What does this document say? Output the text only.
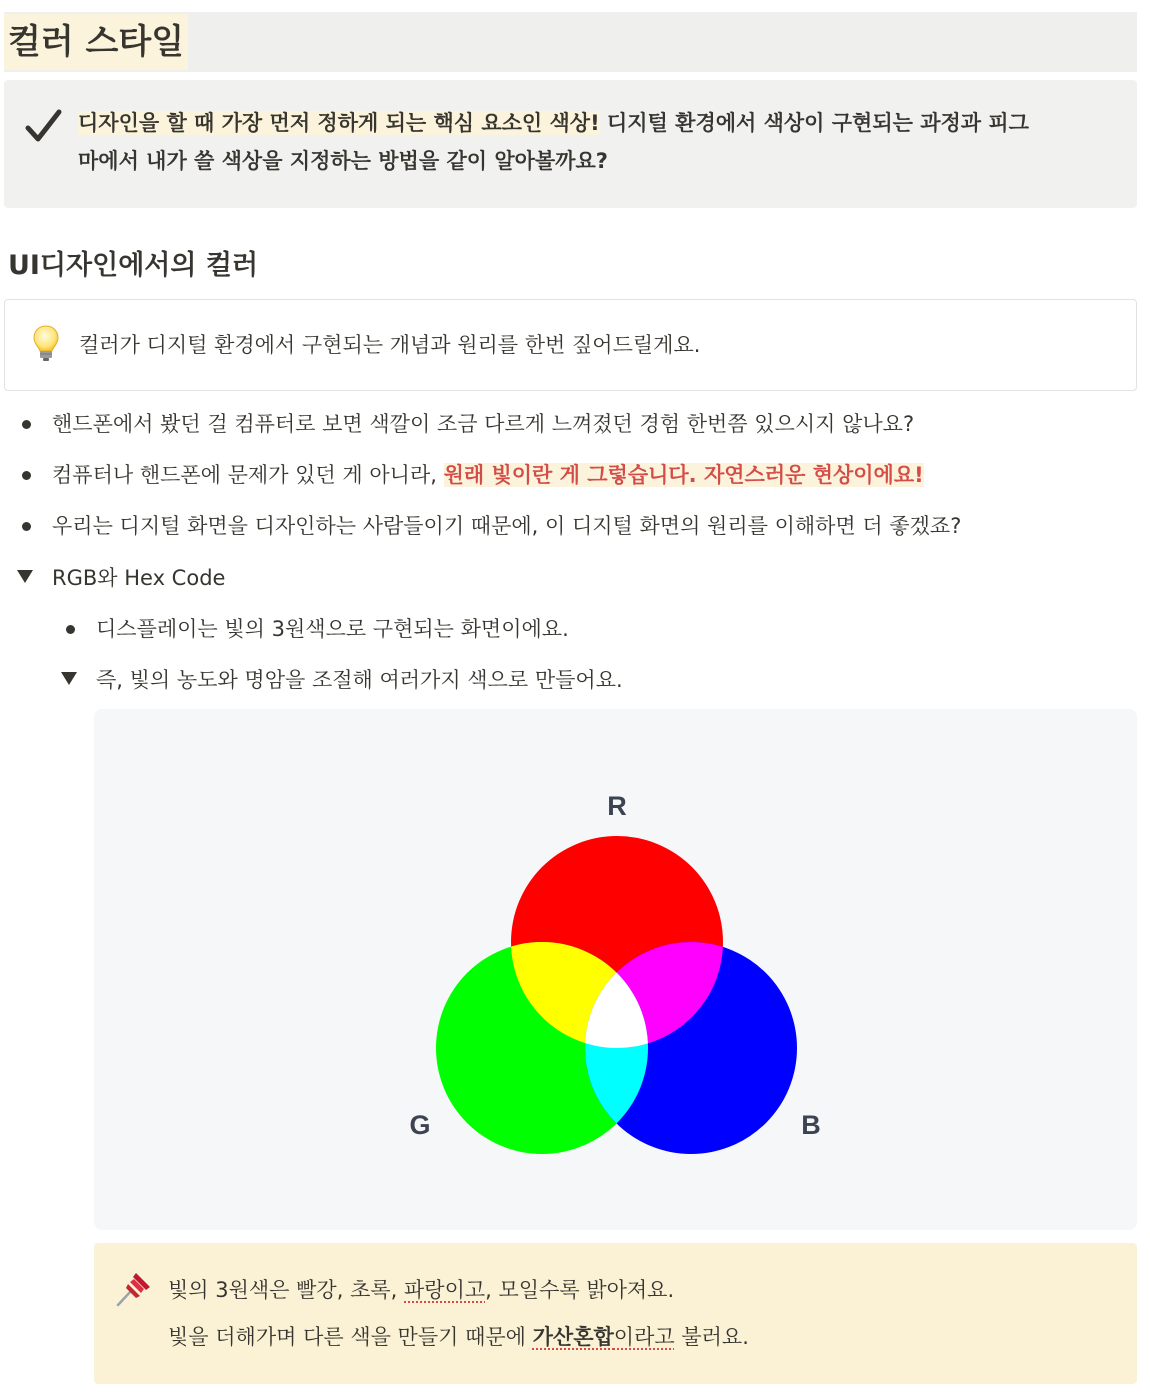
컬러 스타일
디자인을 할 때 가장 먼저 정하게 되는 핵심 요소인 색상! 디지털 환경에서 색상이 구현되는 과정과 피그
마에서 내가 쓸 색상을 지정하는 방법을 같이 알아볼까요?
UI디자인에서의 컬러
컬러가 디지털 환경에서 구현되는 개념과 원리를 한번 짚어드릴게요.
핸드폰에서 봤던 걸 컴퓨터로 보면 색깔이 조금 다르게 느껴졌던 경험 한번쯤 있으시지 않나요?
컴퓨터나 핸드폰에 문제가 있던 게 아니라, 원래 빛이란 게 그렇습니다. 자연스러운 현상이에요!
우리는 디지털 화면을 디자인하는 사람들이기 때문에, 이 디지털 화면의 원리를 이해하면 더 좋겠죠?
RGB와 Hex Code
디스플레이는 빛의 3원색으로 구현되는 화면이에요.
즉, 빛의 농도와 명암을 조절해 여러가지 색으로 만들어요.
R
G	B
빛의 3원색은 빨강, 초록, 파랑이고, 모일수록 밝아져요.
빛을 더해가며 다른 색을 만들기 때문에 가산혼합이라고 불러요.
